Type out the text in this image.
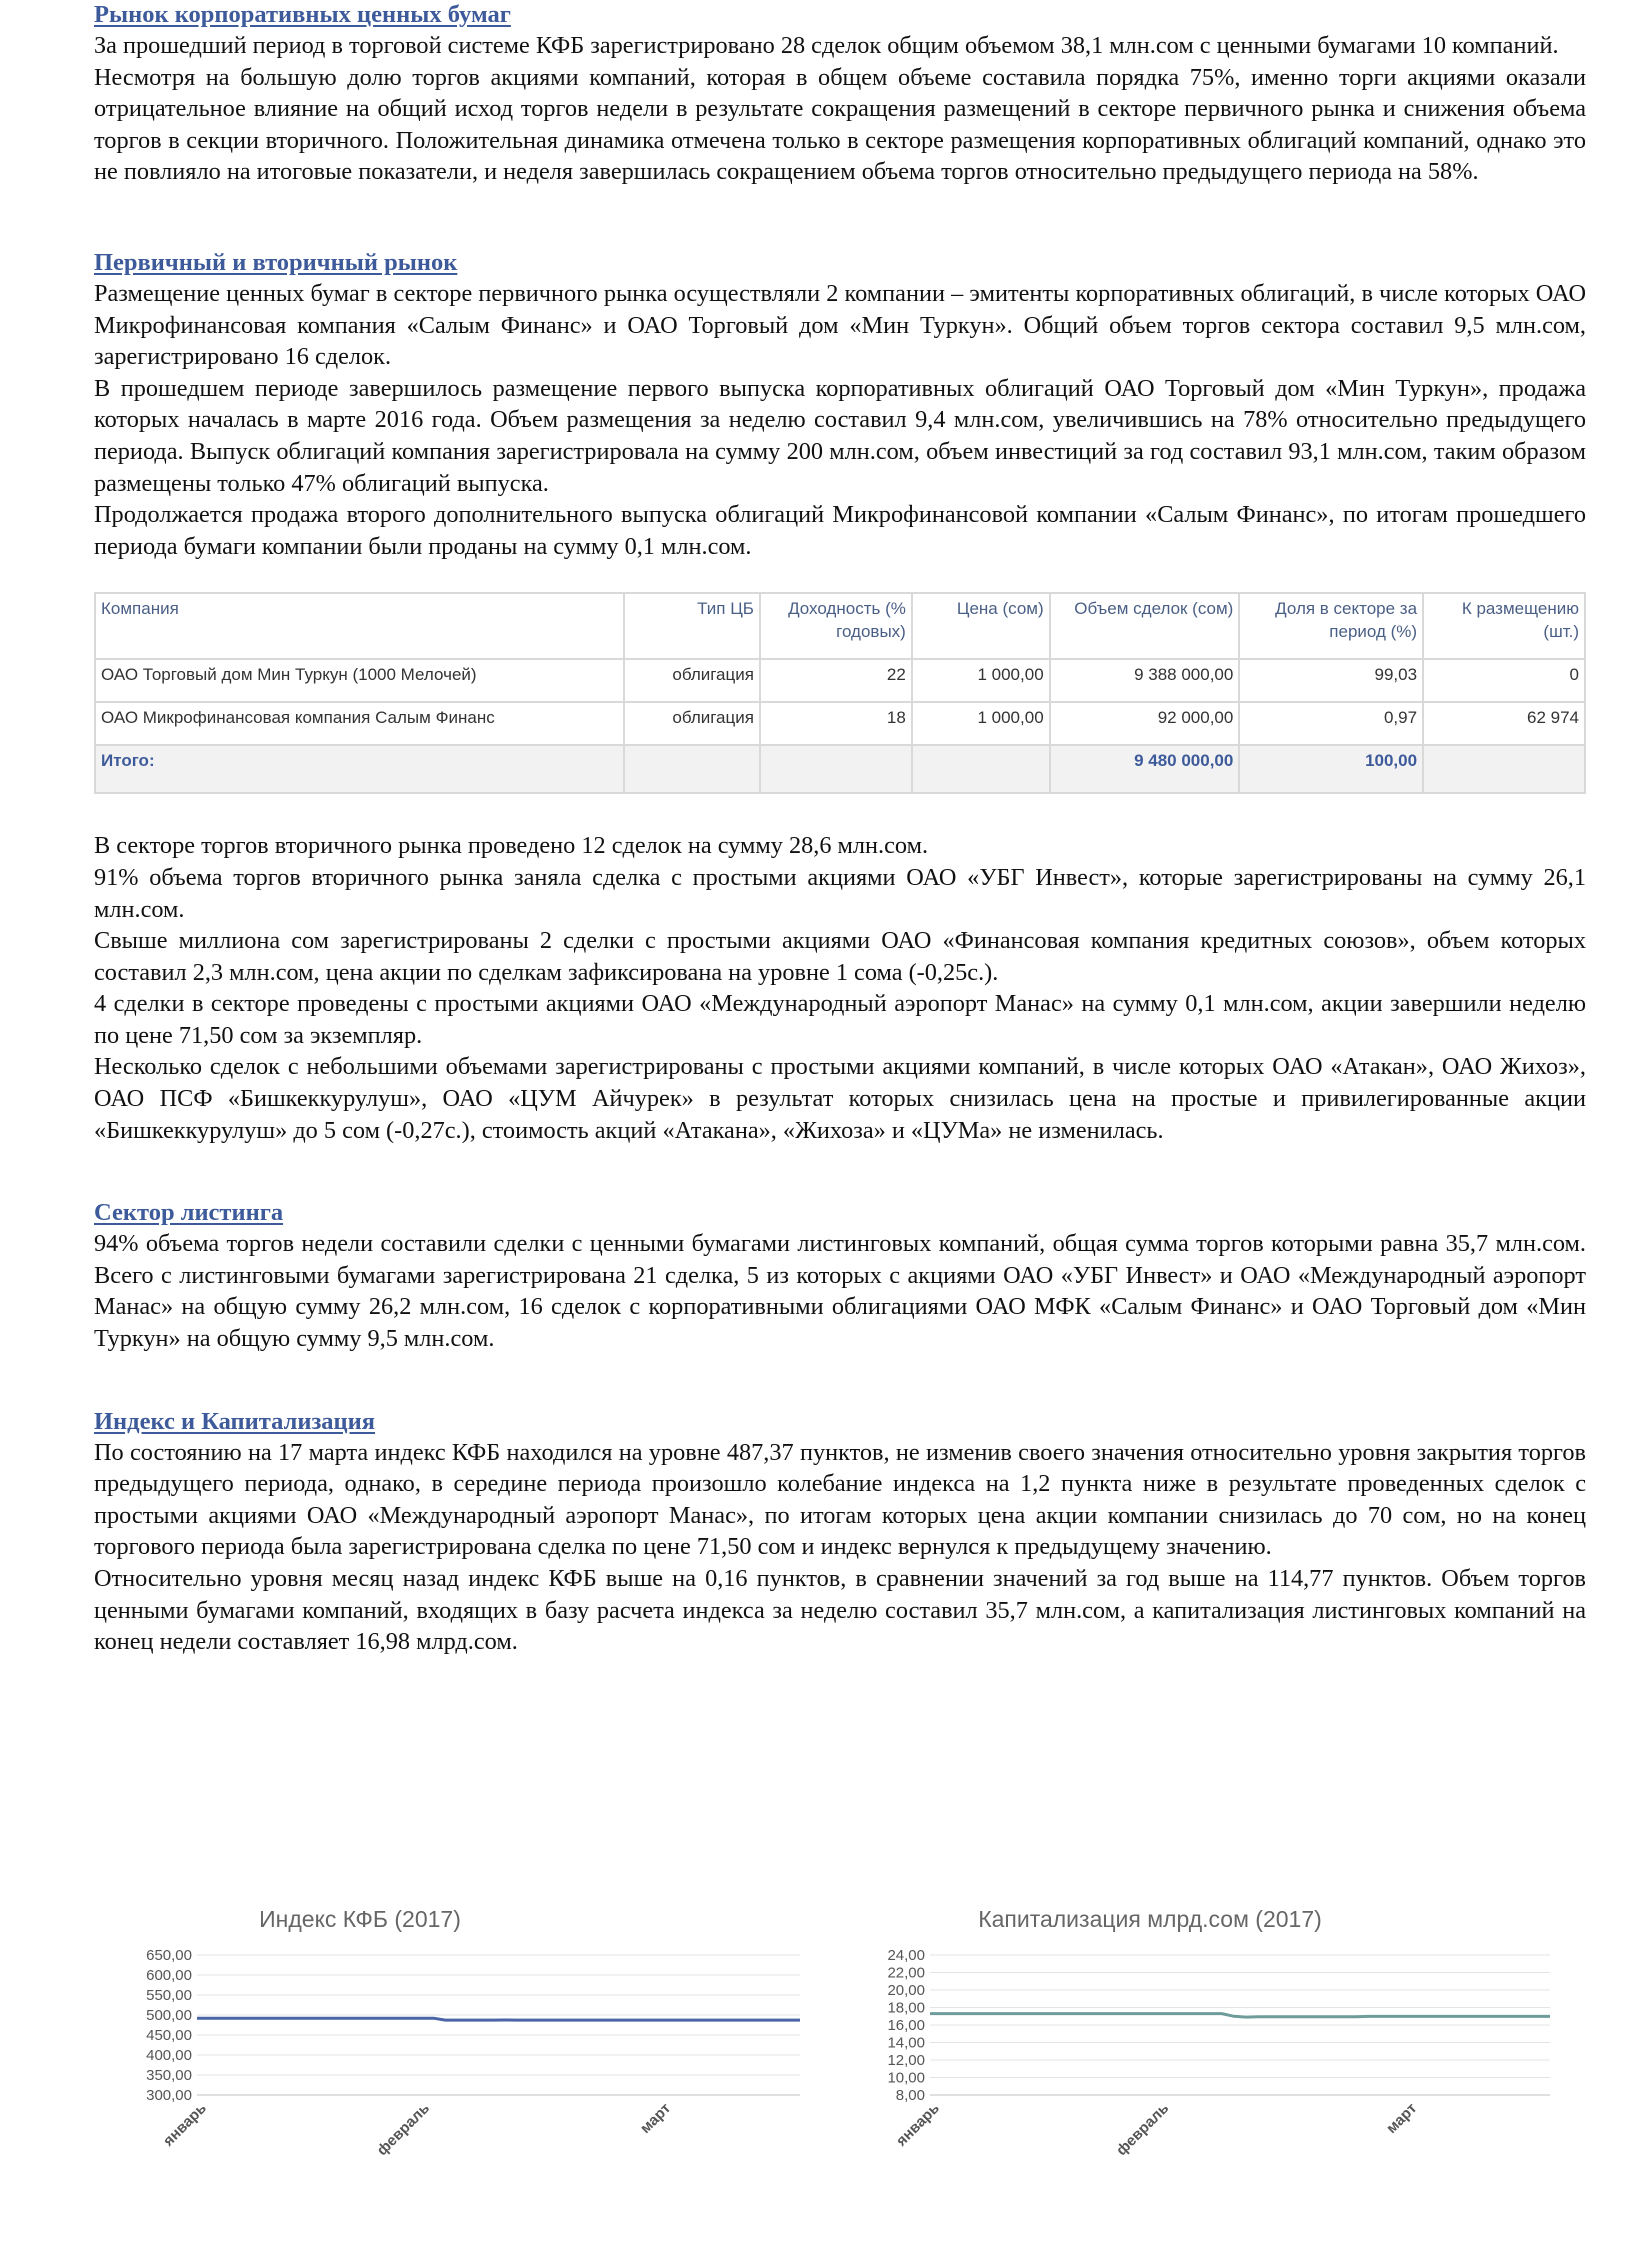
Рынок корпоративных ценных бумаг

За прошедший период в торговой системе КФБ зарегистрировано 28 сделок общим объемом 38,1 млн.сом с ценными бумагами 10 компаний.

Несмотря на большую долю торгов акциями компаний, которая в общем объеме составила порядка 75%, именно торги акциями оказали отрицательное влияние на общий исход торгов недели в результате сокращения размещений в секторе первичного рынка и снижения объема торгов в секции вторичного. Положительная динамика отмечена только в секторе размещения корпоративных облигаций компаний, однако это не повлияло на итоговые показатели, и неделя завершилась сокращением объема торгов относительно предыдущего периода на 58%.

Первичный и вторичный рынок

Размещение ценных бумаг в секторе первичного рынка осуществляли 2 компании – эмитенты корпоративных облигаций, в числе которых ОАО Микрофинансовая компания «Салым Финанс» и ОАО Торговый дом «Мин Туркун». Общий объем торгов сектора составил 9,5 млн.сом, зарегистрировано 16 сделок.

В прошедшем периоде завершилось размещение первого выпуска корпоративных облигаций ОАО Торговый дом «Мин Туркун», продажа которых началась в марте 2016 года. Объем размещения за неделю составил 9,4 млн.сом, увеличившись на 78% относительно предыдущего периода. Выпуск облигаций компания зарегистрировала на сумму 200 млн.сом, объем инвестиций за год составил 93,1 млн.сом, таким образом размещены только 47% облигаций выпуска.

Продолжается продажа второго дополнительного выпуска облигаций Микрофинансовой компании «Салым Финанс», по итогам прошедшего периода бумаги компании были проданы на сумму 0,1 млн.сом.

Компания	Тип ЦБ	Доходность (% годовых)	Цена (сом)	Объем сделок (сом)	Доля в секторе за период (%)	К размещению (шт.)
ОАО Торговый дом Мин Туркун (1000 Мелочей)	облигация	22	1 000,00	9 388 000,00	99,03	0
ОАО Микрофинансовая компания Салым Финанс	облигация	18	1 000,00	92 000,00	0,97	62 974
Итого:				9 480 000,00	100,00	

В секторе торгов вторичного рынка проведено 12 сделок на сумму 28,6 млн.сом.

91% объема торгов вторичного рынка заняла сделка с простыми акциями ОАО «УБГ Инвест», которые зарегистрированы на сумму 26,1 млн.сом.

Свыше миллиона сом зарегистрированы 2 сделки с простыми акциями ОАО «Финансовая компания кредитных союзов», объем которых составил 2,3 млн.сом, цена акции по сделкам зафиксирована на уровне 1 сома (-0,25с.).

4 сделки в секторе проведены с простыми акциями ОАО «Международный аэропорт Манас» на сумму 0,1 млн.сом, акции завершили неделю по цене 71,50 сом за экземпляр.

Несколько сделок с небольшими объемами зарегистрированы с простыми акциями компаний, в числе которых ОАО «Атакан», ОАО Жихоз», ОАО ПСФ «Бишкеккурулуш», ОАО «ЦУМ Айчурек» в результат которых снизилась цена на простые и привилегированные акции «Бишкеккурулуш» до 5 сом (-0,27с.), стоимость акций «Атакана», «Жихоза» и «ЦУМа» не изменилась.

Сектор листинга

94% объема торгов недели составили сделки с ценными бумагами листинговых компаний, общая сумма торгов которыми равна 35,7 млн.сом. Всего с листинговыми бумагами зарегистрирована 21 сделка, 5 из которых с акциями ОАО «УБГ Инвест» и ОАО «Международный аэропорт Манас» на общую сумму 26,2 млн.сом, 16 сделок с корпоративными облигациями ОАО МФК «Салым Финанс» и ОАО Торговый дом «Мин Туркун» на общую сумму 9,5 млн.сом.

Индекс и Капитализация

По состоянию на 17 марта индекс КФБ находился на уровне 487,37 пунктов, не изменив своего значения относительно уровня закрытия торгов предыдущего периода, однако, в середине периода произошло колебание индекса на 1,2 пункта ниже в результате проведенных сделок с простыми акциями ОАО «Международный аэропорт Манас», по итогам которых цена акции компании снизилась до 70 сом, но на конец торгового периода была зарегистрирована сделка по цене 71,50 сом и индекс вернулся к предыдущему значению.

Относительно уровня месяц назад индекс КФБ выше на 0,16 пунктов, в сравнении значений за год выше на 114,77 пунктов. Объем торгов ценными бумагами компаний, входящих в базу расчета индекса за неделю составил 35,7 млн.сом, а капитализация листинговых компаний на конец недели составляет 16,98 млрд.сом.

Индекс КФБ (2017)
650,00
600,00
550,00
500,00
450,00
400,00
350,00
300,00
январь	февраль	март
Капитализация млрд.сом (2017)
24,00
22,00
20,00
18,00
16,00
14,00
12,00
10,00
8,00
январь	февраль	март
